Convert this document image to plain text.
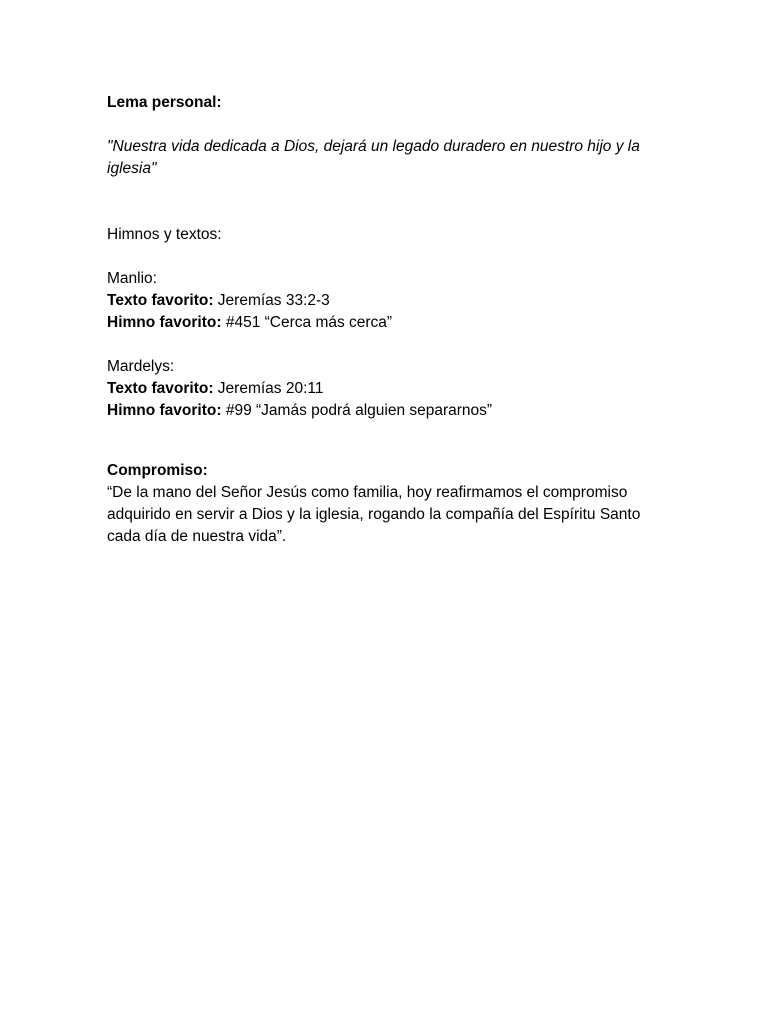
Lema personal:

"Nuestra vida dedicada a Dios, dejará un legado duradero en nuestro hijo y la iglesia"

Himnos y textos:

Manlio:

Texto favorito: Jeremías 33:2-3

Himno favorito: #451 “Cerca más cerca”

Mardelys:

Texto favorito: Jeremías 20:11

Himno favorito: #99 “Jamás podrá alguien separarnos”

Compromiso:

“De la mano del Señor Jesús como familia, hoy reafirmamos el compromiso adquirido en servir a Dios y la iglesia, rogando la compañía del Espíritu Santo cada día de nuestra vida”.
